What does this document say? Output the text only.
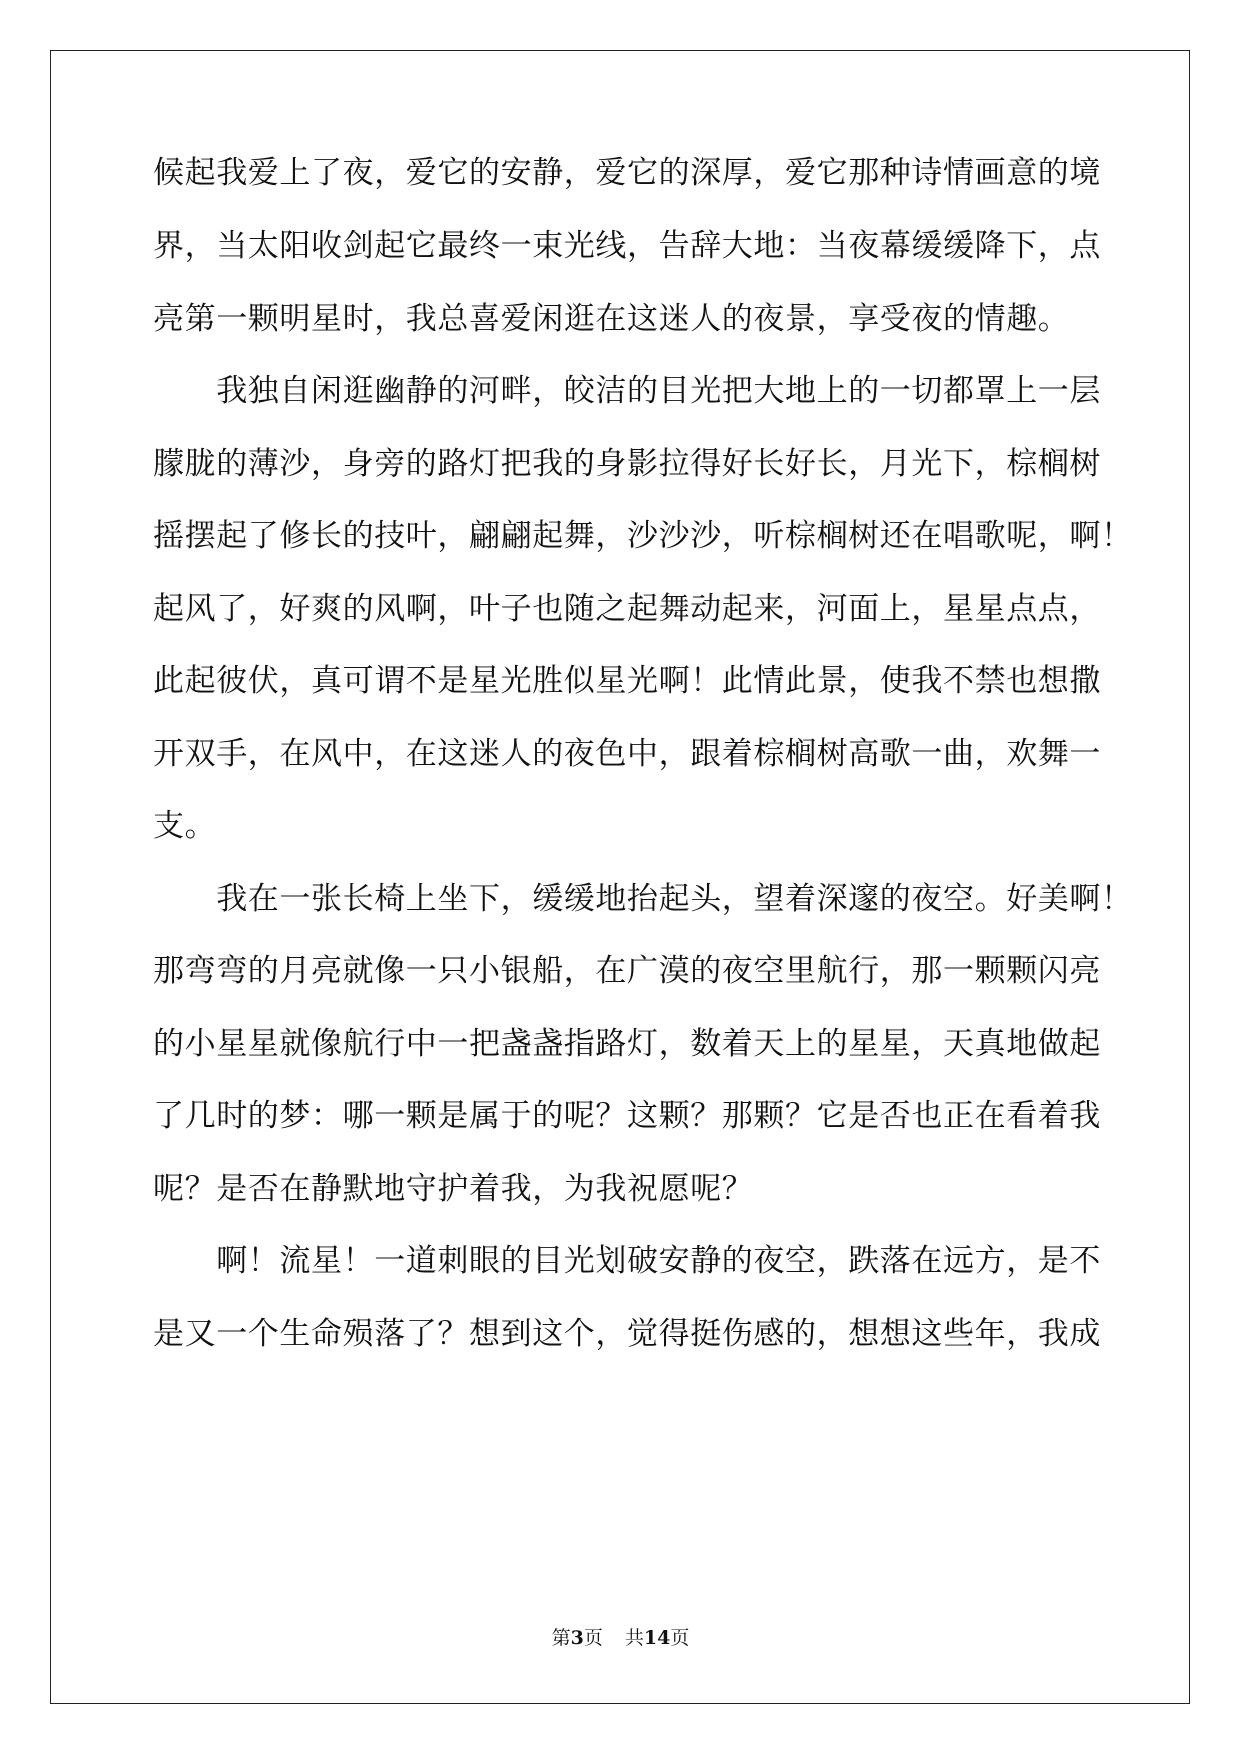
候起我爱上了夜，爱它的安静，爱它的深厚，爱它那种诗情画意的境
界，当太阳收剑起它最终一束光线，告辞大地：当夜幕缓缓降下，点
亮第一颗明星时，我总喜爱闲逛在这迷人的夜景，享受夜的情趣。
　　我独自闲逛幽静的河畔，皎洁的目光把大地上的一切都罩上一层
朦胧的薄沙，身旁的路灯把我的身影拉得好长好长，月光下，棕榈树
摇摆起了修长的技叶，翩翩起舞，沙沙沙，听棕榈树还在唱歌呢，啊！
起风了，好爽的风啊，叶子也随之起舞动起来，河面上，星星点点，
此起彼伏，真可谓不是星光胜似星光啊！此情此景，使我不禁也想撒
开双手，在风中，在这迷人的夜色中，跟着棕榈树高歌一曲，欢舞一
支。
　　我在一张长椅上坐下，缓缓地抬起头，望着深邃的夜空。好美啊！
那弯弯的月亮就像一只小银船，在广漠的夜空里航行，那一颗颗闪亮
的小星星就像航行中一把盏盏指路灯，数着天上的星星，天真地做起
了几时的梦：哪一颗是属于的呢？这颗？那颗？它是否也正在看着我
呢？是否在静默地守护着我，为我祝愿呢？
　　啊！流星！一道刺眼的目光划破安静的夜空，跌落在远方，是不
是又一个生命殒落了？想到这个，觉得挺伤感的，想想这些年，我成
第3页 共14页
